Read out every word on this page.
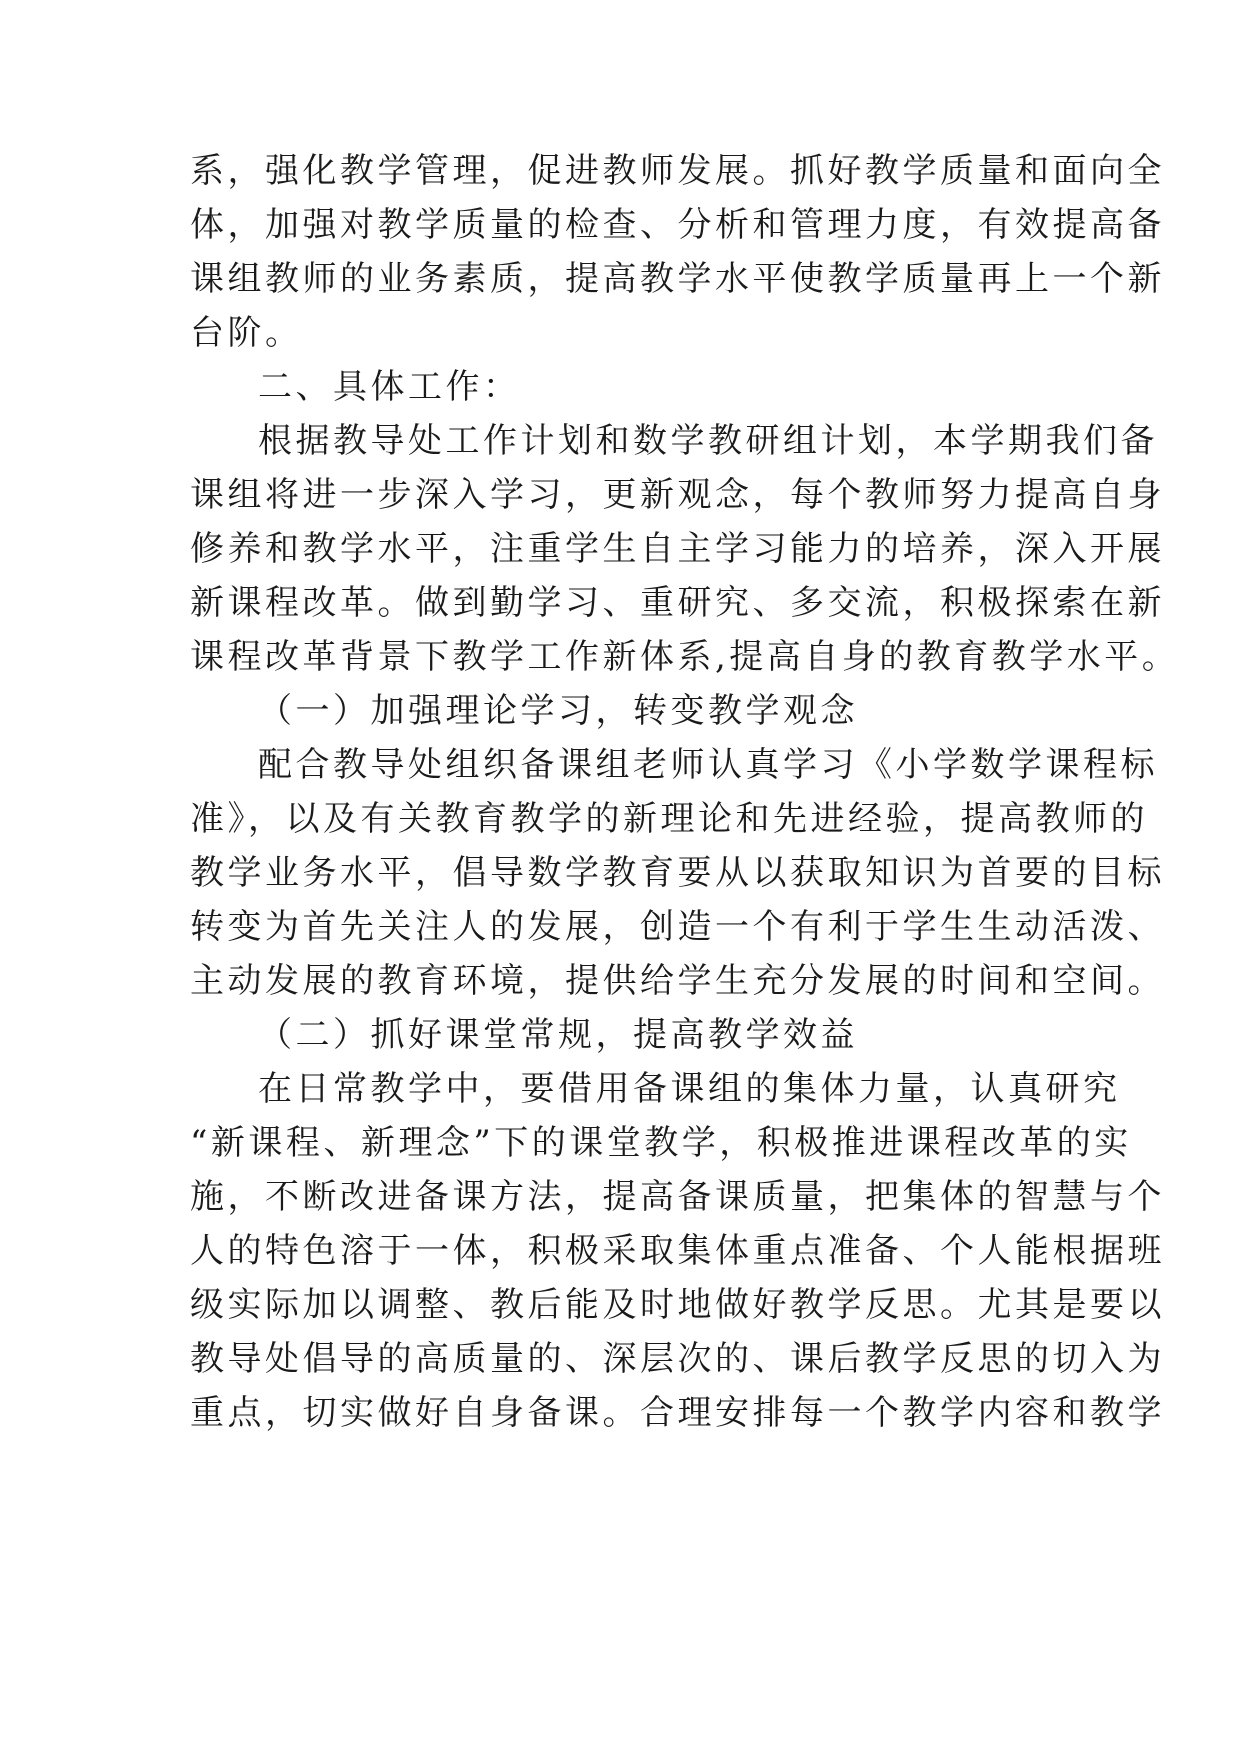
系，强化教学管理，促进教师发展。抓好教学质量和面向全
体，加强对教学质量的检查、分析和管理力度，有效提高备
课组教师的业务素质，提高教学水平使教学质量再上一个新
台阶。
二、具体工作：
根据教导处工作计划和数学教研组计划，本学期我们备
课组将进一步深入学习，更新观念，每个教师努力提高自身
修养和教学水平，注重学生自主学习能力的培养，深入开展
新课程改革。做到勤学习、重研究、多交流，积极探索在新
课程改革背景下教学工作新体系,提高自身的教育教学水平。
（一）加强理论学习，转变教学观念
配合教导处组织备课组老师认真学习《小学数学课程标
准》，以及有关教育教学的新理论和先进经验，提高教师的
教学业务水平，倡导数学教育要从以获取知识为首要的目标
转变为首先关注人的发展，创造一个有利于学生生动活泼、
主动发展的教育环境，提供给学生充分发展的时间和空间。
（二）抓好课堂常规，提高教学效益
在日常教学中，要借用备课组的集体力量，认真研究
“新课程、新理念”下的课堂教学，积极推进课程改革的实
施，不断改进备课方法，提高备课质量，把集体的智慧与个
人的特色溶于一体，积极采取集体重点准备、个人能根据班
级实际加以调整、教后能及时地做好教学反思。尤其是要以
教导处倡导的高质量的、深层次的、课后教学反思的切入为
重点，切实做好自身备课。合理安排每一个教学内容和教学
